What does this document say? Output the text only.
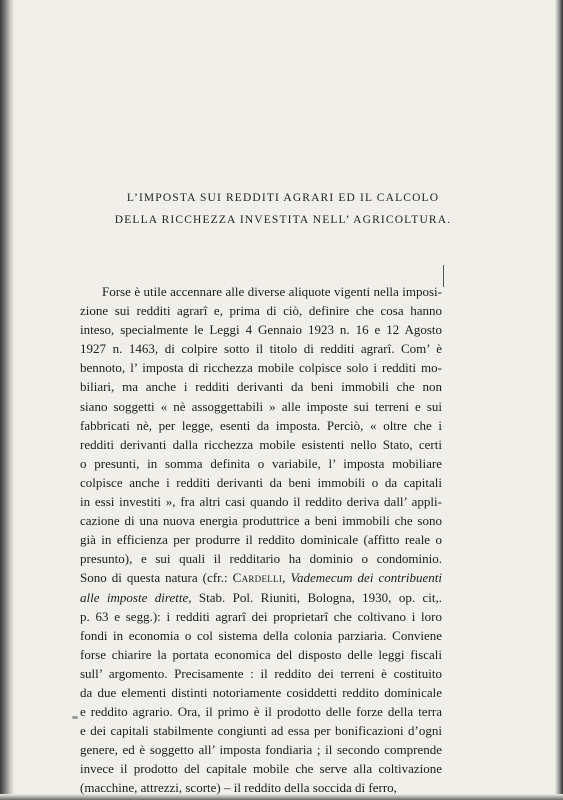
L’IMPOSTA SUI REDDITI AGRARI ED IL CALCOLO
DELLA RICCHEZZA INVESTITA NELL’ AGRICOLTURA.
Forse è utile accennare alle diverse aliquote vigenti nella imposi-
zione sui redditi agrarî e, prima di ciò, definire che cosa hanno
inteso, specialmente le Leggi 4 Gennaio 1923 n. 16 e 12 Agosto
1927 n. 1463, di colpire sotto il titolo di redditi agrarî. Com’ è
bennoto, l’ imposta di ricchezza mobile colpisce solo i redditi mo-
biliari, ma anche i redditi derivanti da beni immobili che non
siano soggetti « nè assoggettabili » alle imposte sui terreni e sui
fabbricati nè, per legge, esenti da imposta. Perciò, « oltre che i
redditi derivanti dalla ricchezza mobile esistenti nello Stato, certi
o presunti, in somma definita o variabile, l’ imposta mobiliare
colpisce anche i redditi derivanti da beni immobili o da capitali
in essi investiti », fra altri casi quando il reddito deriva dall’ appli-
cazione di una nuova energia produttrice a beni immobili che sono
già in efficienza per produrre il reddito dominicale (affitto reale o
presunto), e sui quali il redditario ha dominio o condominio.
Sono di questa natura (cfr.: Cardelli, Vademecum dei contribuenti
alle imposte dirette, Stab. Pol. Riuniti, Bologna, 1930, op. cit,.
p. 63 e segg.): i redditi agrarî dei proprietarî che coltivano i loro
fondi in economia o col sistema della colonia parziaria. Conviene
forse chiarire la portata economica del disposto delle leggi fiscali
sull’ argomento. Precisamente : il reddito dei terreni è costituito
da due elementi distinti notoriamente cosiddetti reddito dominicale
e reddito agrario. Ora, il primo è il prodotto delle forze della terra
e dei capitali stabilmente congiunti ad essa per bonificazioni d’ogni
genere, ed è soggetto all’ imposta fondiaria ; il secondo comprende
invece il prodotto del capitale mobile che serve alla coltivazione
(macchine, attrezzi, scorte) – il reddito della soccida di ferro,
